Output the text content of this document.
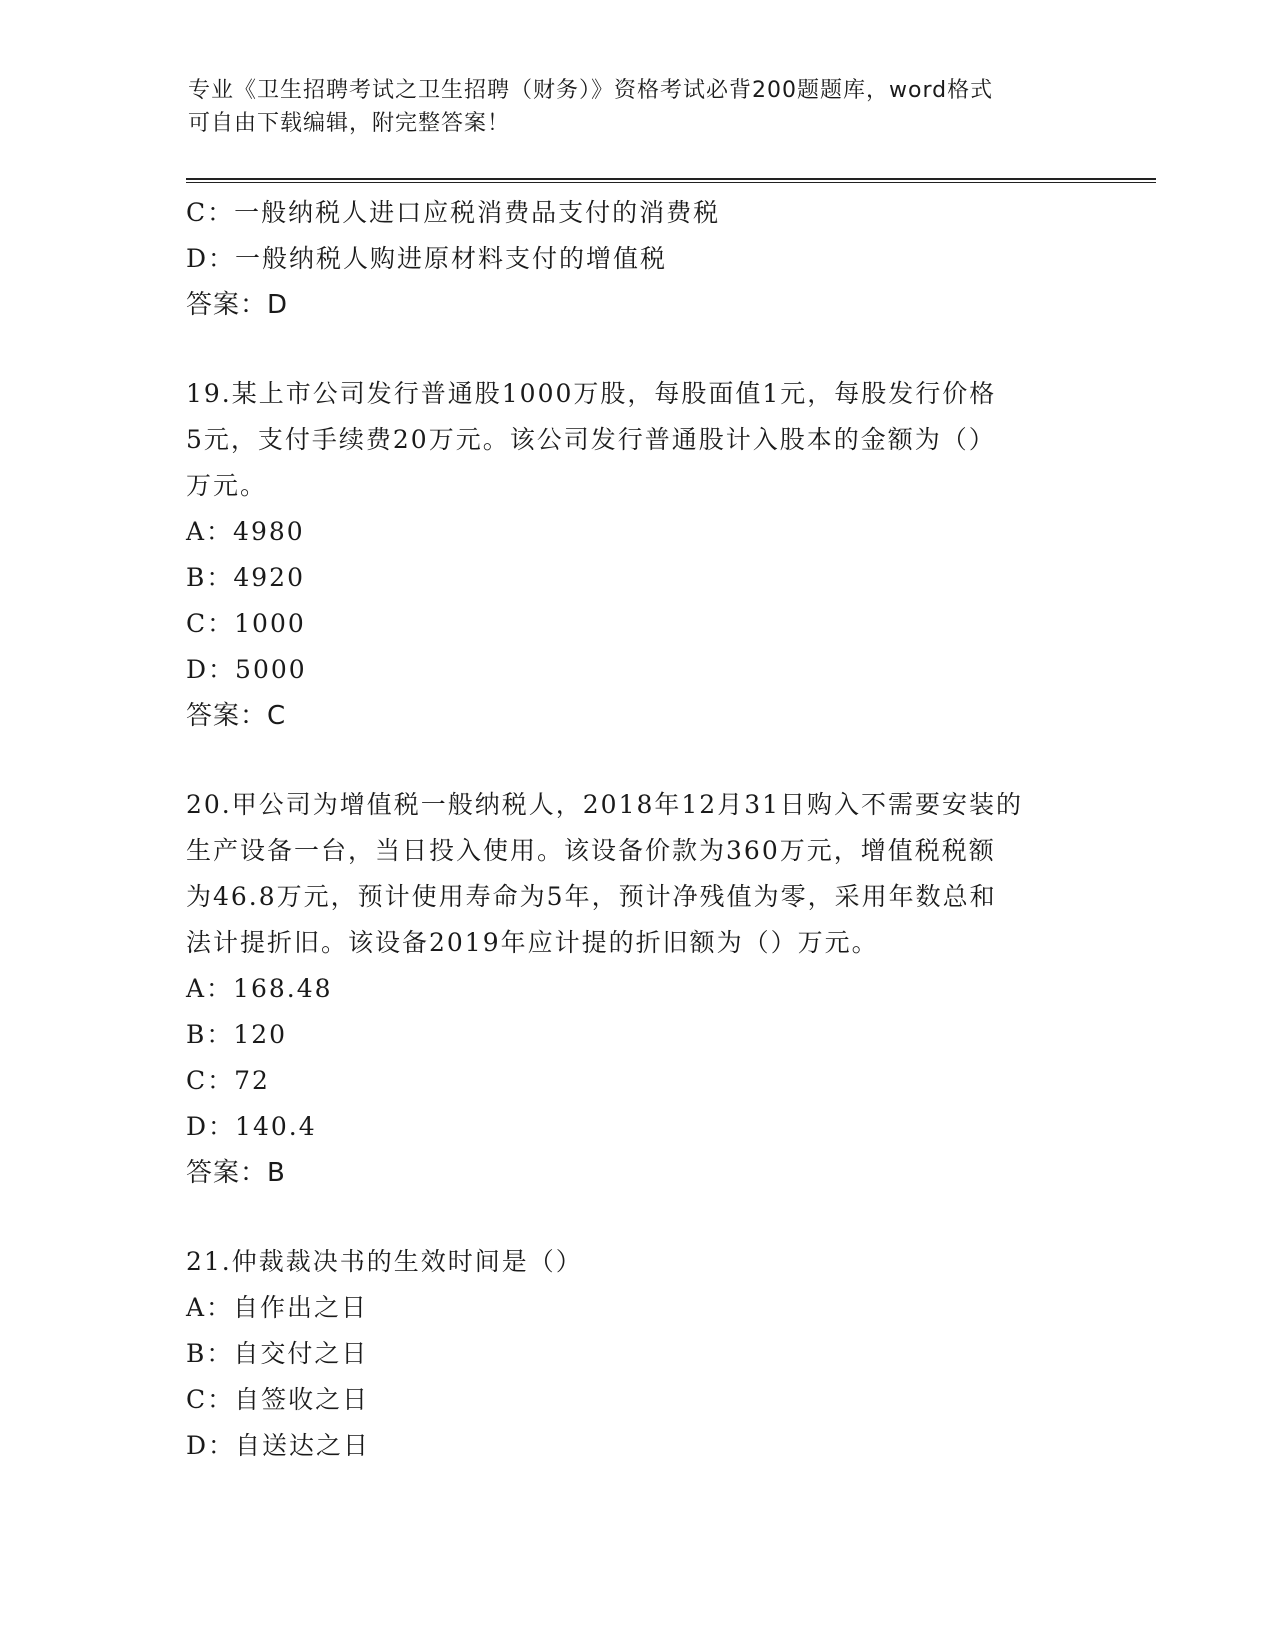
专业《卫生招聘考试之卫生招聘（财务）》资格考试必背200题题库，word格式
可自由下载编辑，附完整答案！
C：一般纳税人进口应税消费品支付的消费税
D：一般纳税人购进原材料支付的增值税
答案：D
19.某上市公司发行普通股1000万股，每股面值1元，每股发行价格
5元，支付手续费20万元。该公司发行普通股计入股本的金额为（）
万元。
A：4980
B：4920
C：1000
D：5000
答案：C
20.甲公司为增值税一般纳税人，2018年12月31日购入不需要安装的
生产设备一台，当日投入使用。该设备价款为360万元，增值税税额
为46.8万元，预计使用寿命为5年，预计净残值为零，采用年数总和
法计提折旧。该设备2019年应计提的折旧额为（）万元。
A：168.48
B：120
C：72
D：140.4
答案：B
21.仲裁裁决书的生效时间是（）
A：自作出之日
B：自交付之日
C：自签收之日
D：自送达之日
